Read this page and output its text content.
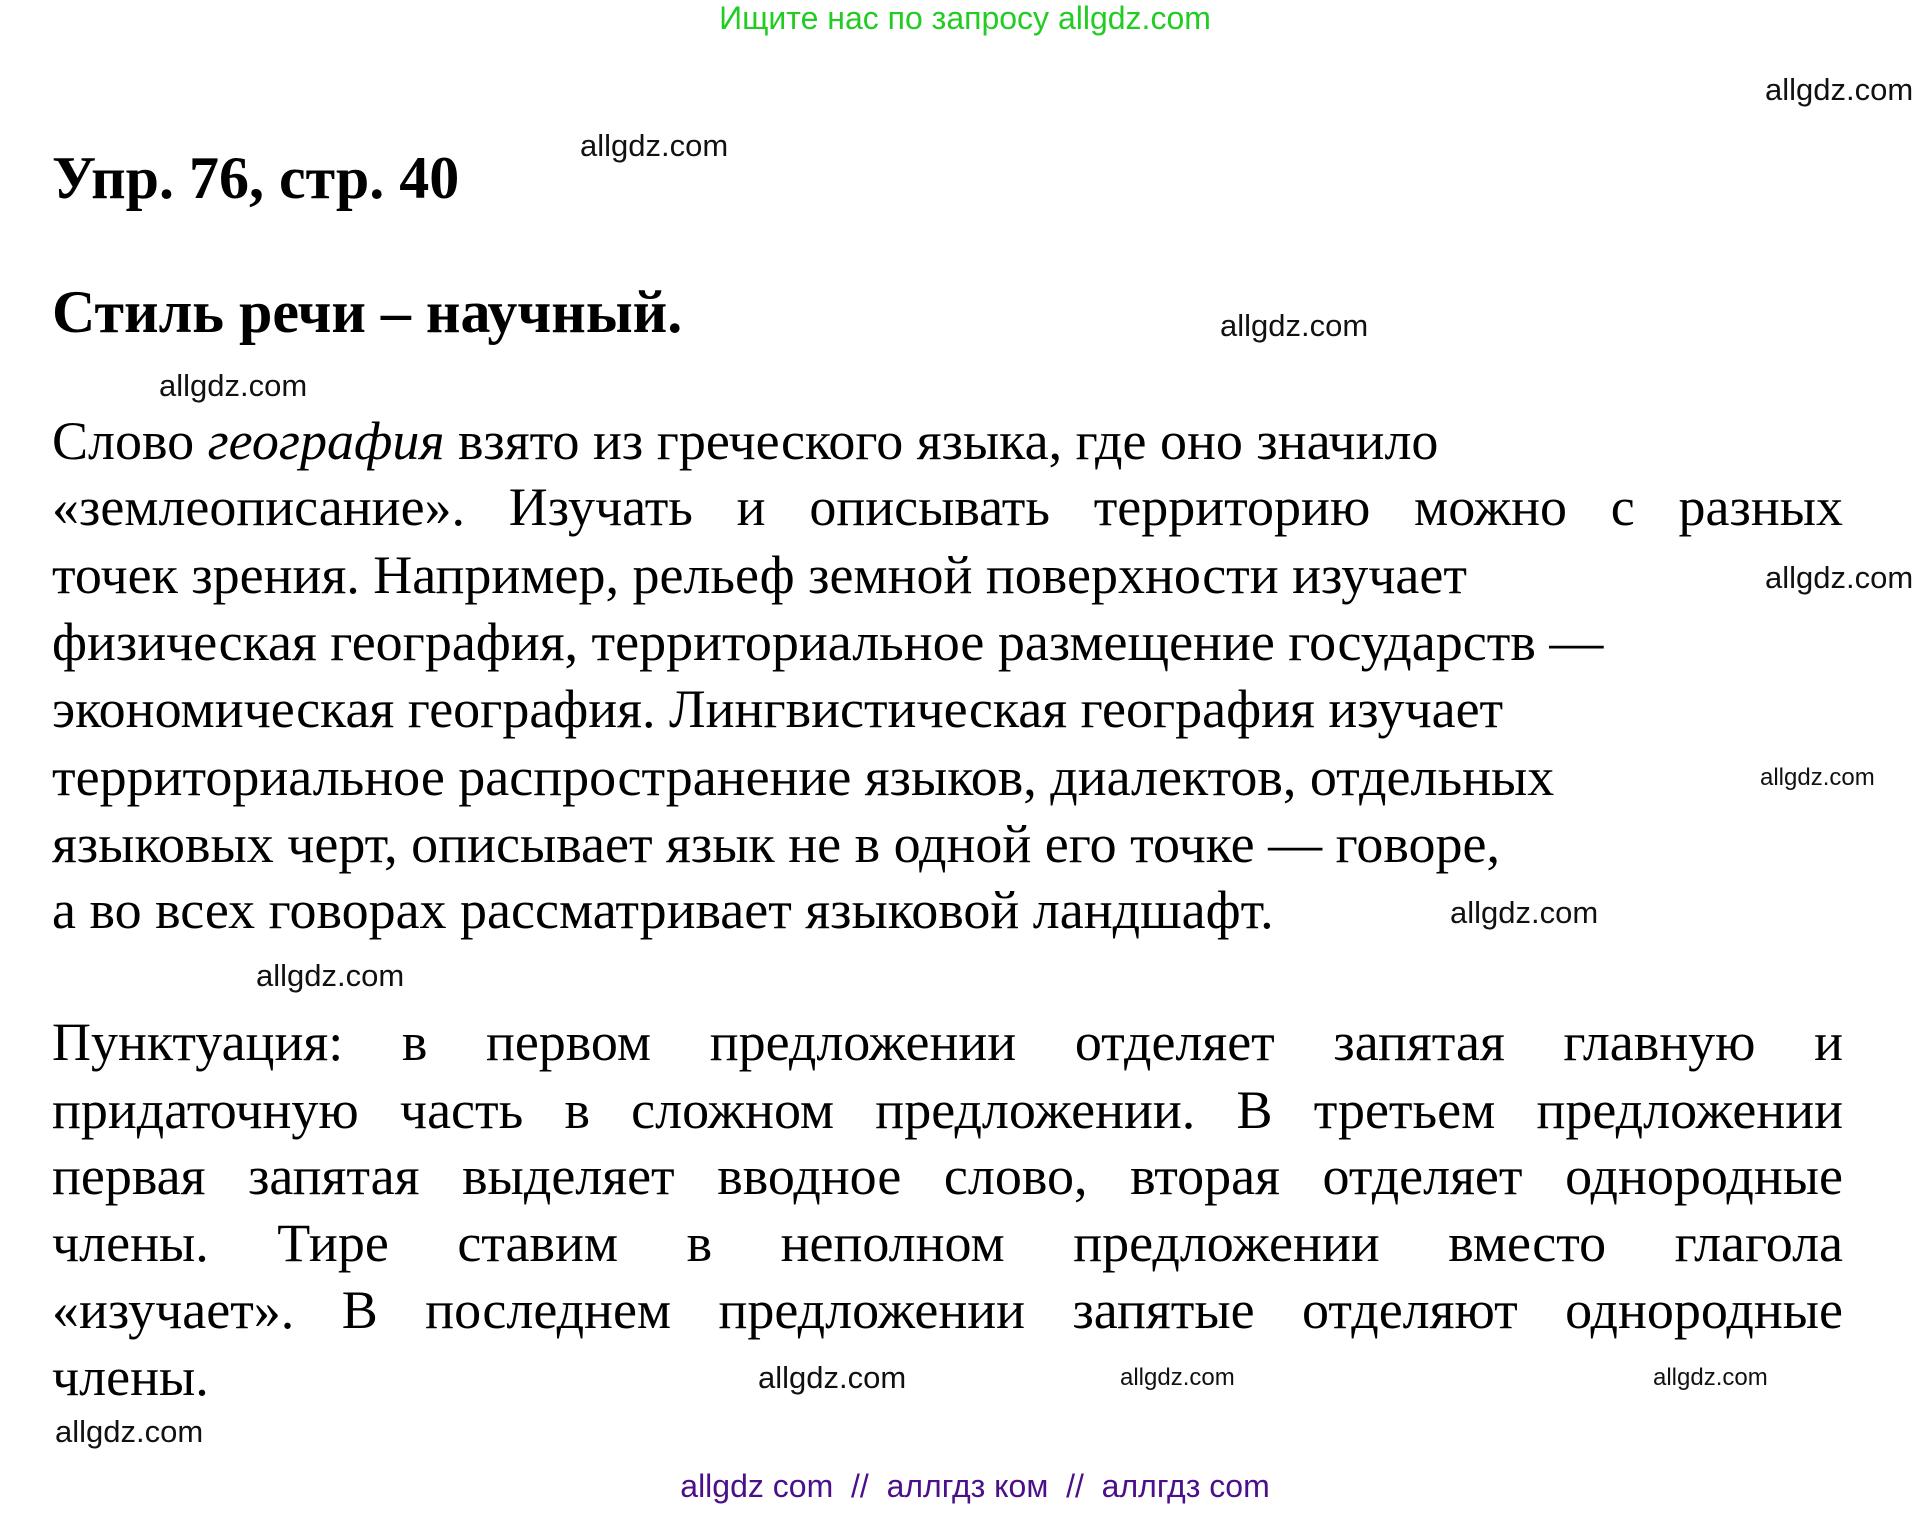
Ищите нас по запросу allgdz.com
allgdz.com
Упр. 76, стр. 40	allgdz.com
Стиль речи – научный.	allgdz.com
allgdz.com
Слово география взято из греческого языка, где оно значило
«землеописание». Изучать и описывать территорию можно с разных
точек зрения. Например, рельеф земной поверхности изучает
физическая география, территориальное размещение государств —
экономическая география. Лингвистическая география изучает
территориальное распространение языков, диалектов, отдельных
языковых черт, описывает язык не в одной его точке — говоре,
а во всех говорах рассматривает языковой ландшафт.
allgdz.com
allgdz.com
allgdz.com
allgdz.com
Пунктуация: в первом предложении отделяет запятая главную и
придаточную часть в сложном предложении. В третьем предложении
первая запятая выделяет вводное слово, вторая отделяет однородные
члены. Тире ставим в неполном предложении вместо глагола
«изучает». В последнем предложении запятые отделяют однородные
члены.	allgdz.com	allgdz.com
allgdz.com
allgdz.com
allgdz com  //  аллгдз ком  //  аллгдз com
